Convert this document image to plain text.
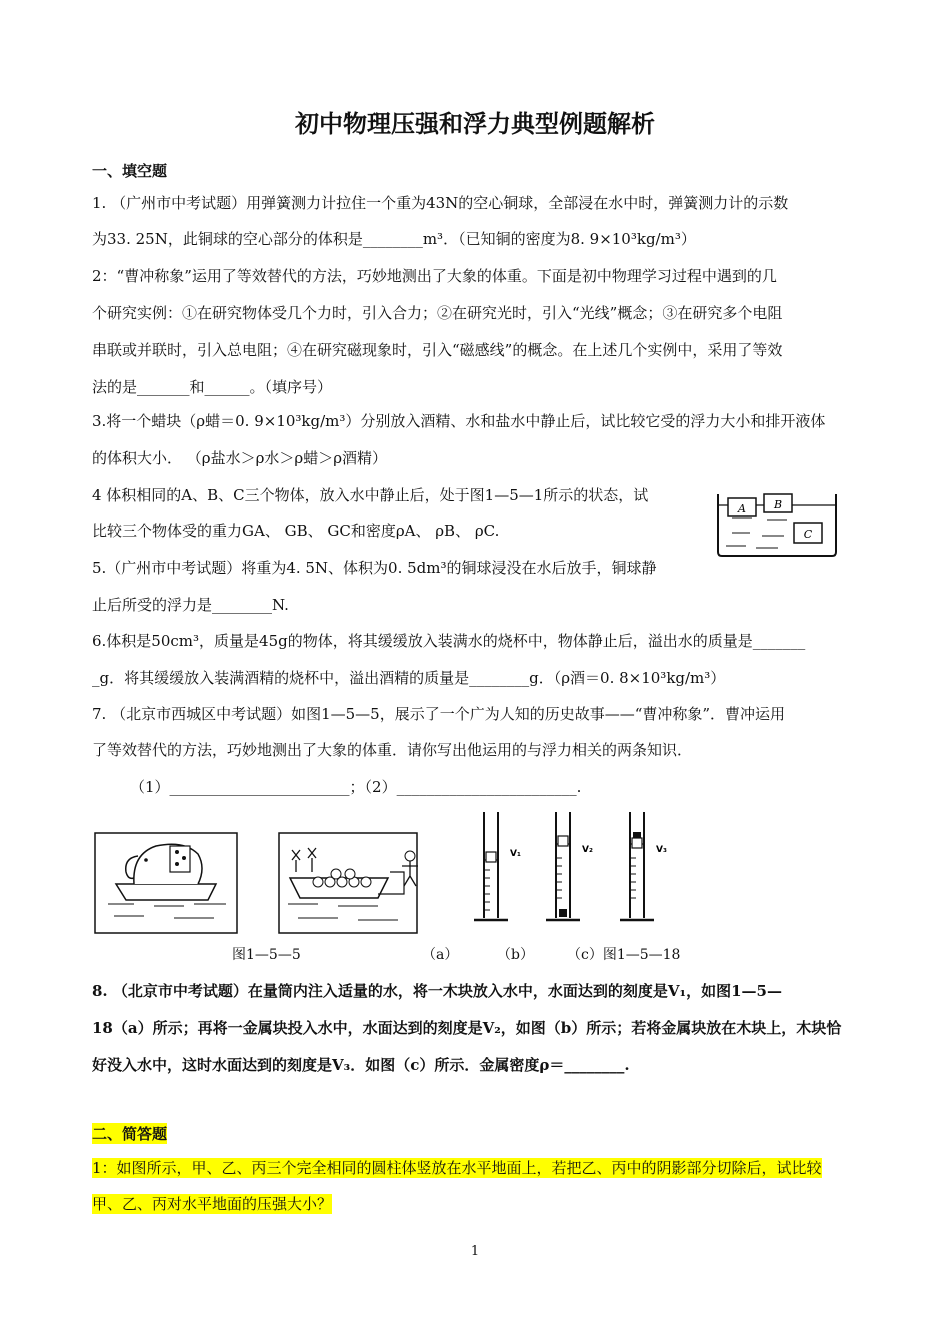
初中物理压强和浮力典型例题解析
一、填空题
1. （广州市中考试题）用弹簧测力计拉住一个重为43N的空心铜球，全部浸在水中时，弹簧测力计的示数
为33. 25N，此铜球的空心部分的体积是________m³．（已知铜的密度为8. 9×10³kg/m³）
2：“曹冲称象”运用了等效替代的方法，巧妙地测出了大象的体重。下面是初中物理学习过程中遇到的几
个研究实例：①在研究物体受几个力时，引入合力；②在研究光时，引入“光线”概念；③在研究多个电阻
串联或并联时，引入总电阻；④在研究磁现象时，引入“磁感线”的概念。在上述几个实例中，采用了等效
法的是_______和______。（填序号）
3.将一个蜡块（ρ蜡＝0. 9×10³kg/m³）分别放入酒精、水和盐水中静止后，试比较它受的浮力大小和排开液体
的体积大小． （ρ盐水＞ρ水＞ρ蜡＞ρ酒精）
4 体积相同的A、B、C三个物体，放入水中静止后，处于图1—5—1所示的状态，试
比较三个物体受的重力GA、 GB、 GC和密度ρA、 ρB、 ρC.
A	B
C
5.（广州市中考试题）将重为4. 5N、体积为0. 5dm³的铜球浸没在水后放手，铜球静
止后所受的浮力是________N.
6.体积是50cm³，质量是45g的物体，将其缓缓放入装满水的烧杯中，物体静止后，溢出水的质量是_______
_g．将其缓缓放入装满酒精的烧杯中，溢出酒精的质量是________g．（ρ酒＝0. 8×10³kg/m³）
7. （北京市西城区中考试题）如图1—5—5，展示了一个广为人知的历史故事——“曹冲称象”．曹冲运用
了等效替代的方法，巧妙地测出了大象的体重．请你写出他运用的与浮力相关的两条知识．
（1）________________________；（2）________________________.
V₁	V₂	V₃
图1—5—5	（a）	（b） （c）图1—5—18
8. （北京市中考试题）在量筒内注入适量的水，将一木块放入水中，水面达到的刻度是V₁，如图1—5—
18（a）所示；再将一金属块投入水中，水面达到的刻度是V₂，如图（b）所示；若将金属块放在木块上，木块恰
好没入水中，这时水面达到的刻度是V₃．如图（c）所示．金属密度ρ＝________.
二、简答题
1：如图所示，甲、乙、丙三个完全相同的圆柱体竖放在水平地面上，若把乙、丙中的阴影部分切除后，试比较
甲、乙、丙对水平地面的压强大小？
1
